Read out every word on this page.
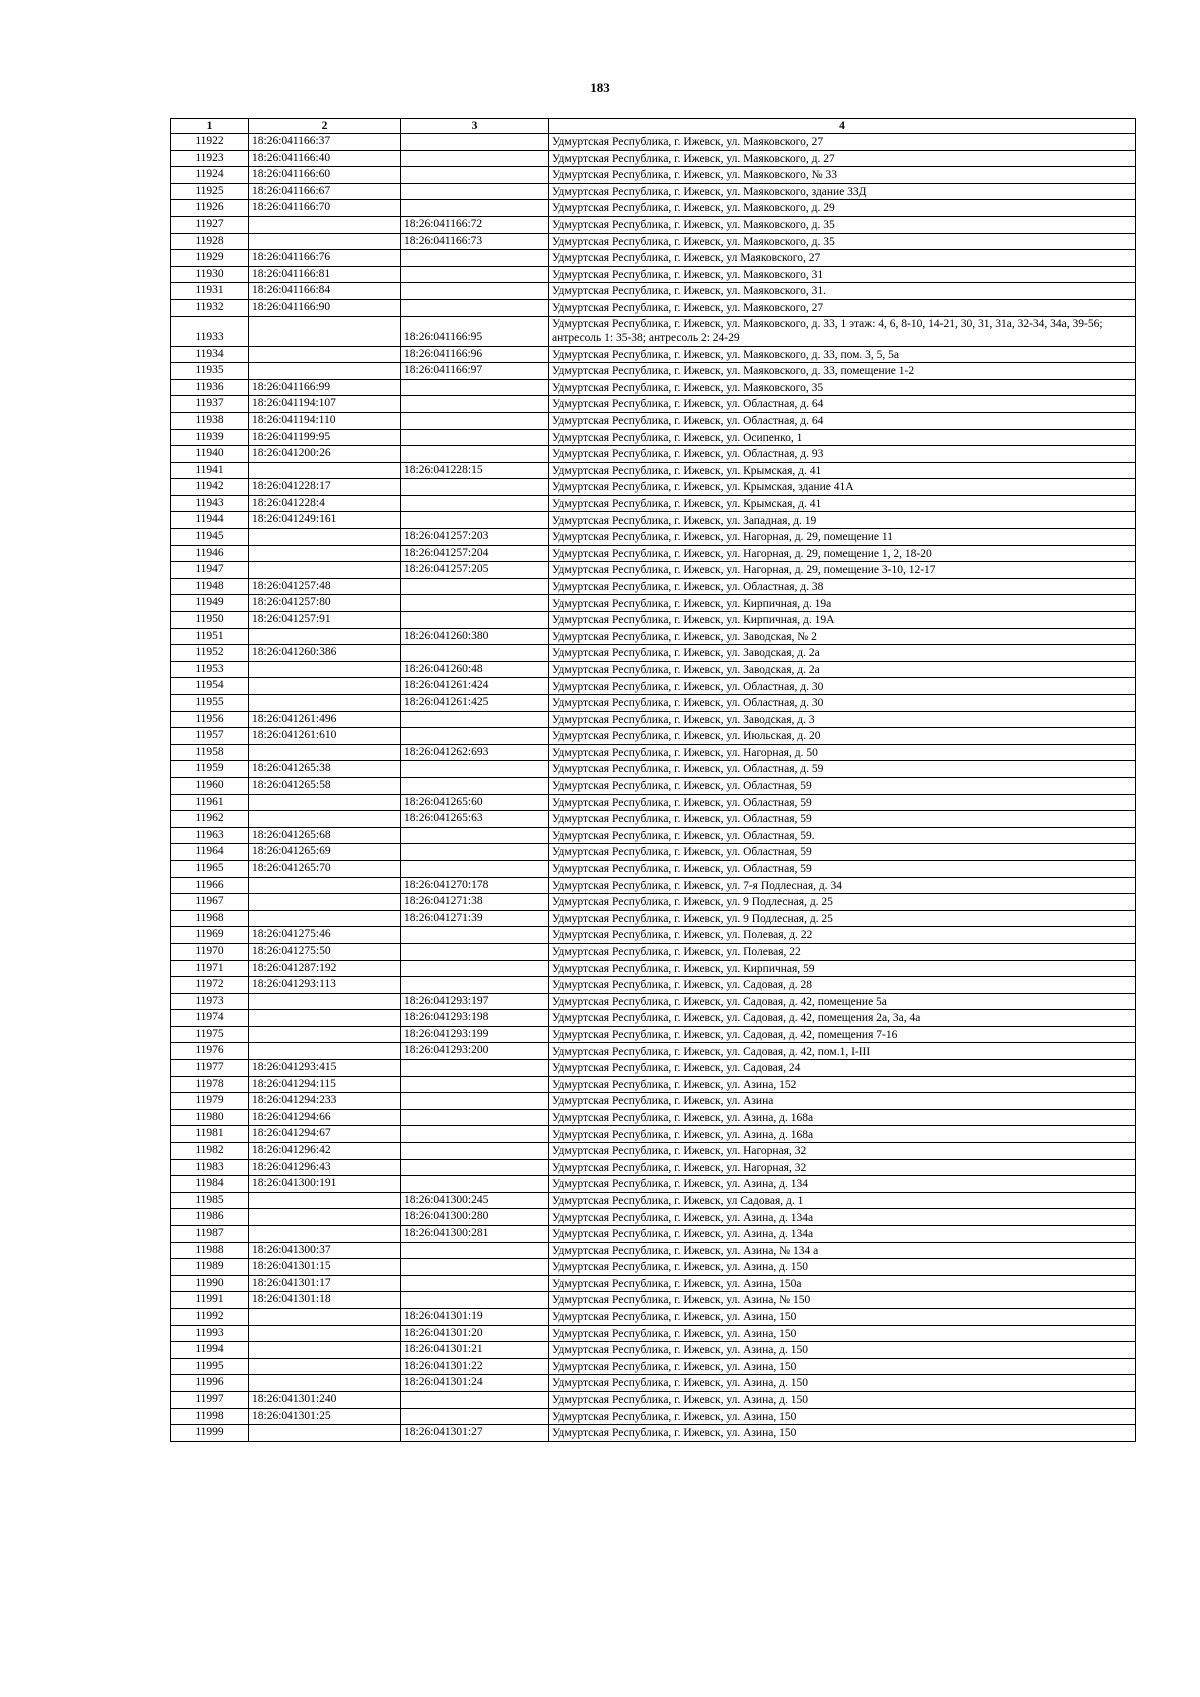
183
1	2	3	4
11922	18:26:041166:37		Удмуртская Республика, г. Ижевск, ул. Маяковского, 27
11923	18:26:041166:40		Удмуртская Республика, г. Ижевск, ул. Маяковского, д. 27
11924	18:26:041166:60		Удмуртская Республика, г. Ижевск, ул. Маяковского, № 33
11925	18:26:041166:67		Удмуртская Республика, г. Ижевск, ул. Маяковского, здание 33Д
11926	18:26:041166:70		Удмуртская Республика, г. Ижевск, ул. Маяковского, д. 29
11927		18:26:041166:72	Удмуртская Республика, г. Ижевск, ул. Маяковского, д. 35
11928		18:26:041166:73	Удмуртская Республика, г. Ижевск, ул. Маяковского, д. 35
11929	18:26:041166:76		Удмуртская Республика, г. Ижевск, ул Маяковского, 27
11930	18:26:041166:81		Удмуртская Республика, г. Ижевск, ул. Маяковского, 31
11931	18:26:041166:84		Удмуртская Республика, г. Ижевск, ул. Маяковского, 31.
11932	18:26:041166:90		Удмуртская Республика, г. Ижевск, ул. Маяковского, 27
11933		18:26:041166:95	Удмуртская Республика, г. Ижевск, ул. Маяковского, д. 33, 1 этаж: 4, 6, 8-10, 14-21, 30, 31, 31а, 32-34, 34а, 39-56; антресоль 1: 35-38; антресоль 2: 24-29
11934		18:26:041166:96	Удмуртская Республика, г. Ижевск, ул. Маяковского, д. 33, пом. 3, 5, 5а
11935		18:26:041166:97	Удмуртская Республика, г. Ижевск, ул. Маяковского, д. 33, помещение 1-2
11936	18:26:041166:99		Удмуртская Республика, г. Ижевск, ул. Маяковского, 35
11937	18:26:041194:107		Удмуртская Республика, г. Ижевск, ул. Областная, д. 64
11938	18:26:041194:110		Удмуртская Республика, г. Ижевск, ул. Областная, д. 64
11939	18:26:041199:95		Удмуртская Республика, г. Ижевск, ул. Осипенко, 1
11940	18:26:041200:26		Удмуртская Республика, г. Ижевск, ул. Областная, д. 93
11941		18:26:041228:15	Удмуртская Республика, г. Ижевск, ул. Крымская, д. 41
11942	18:26:041228:17		Удмуртская Республика, г. Ижевск, ул. Крымская, здание 41А
11943	18:26:041228:4		Удмуртская Республика, г. Ижевск, ул. Крымская, д. 41
11944	18:26:041249:161		Удмуртская Республика, г. Ижевск, ул. Западная, д. 19
11945		18:26:041257:203	Удмуртская Республика, г. Ижевск, ул. Нагорная, д. 29, помещение 11
11946		18:26:041257:204	Удмуртская Республика, г. Ижевск, ул. Нагорная, д. 29, помещение 1, 2, 18-20
11947		18:26:041257:205	Удмуртская Республика, г. Ижевск, ул. Нагорная, д. 29, помещение 3-10, 12-17
11948	18:26:041257:48		Удмуртская Республика, г. Ижевск, ул. Областная, д. 38
11949	18:26:041257:80		Удмуртская Республика, г. Ижевск, ул. Кирпичная, д. 19а
11950	18:26:041257:91		Удмуртская Республика, г. Ижевск, ул. Кирпичная, д. 19А
11951		18:26:041260:380	Удмуртская Республика, г. Ижевск, ул. Заводская, № 2
11952	18:26:041260:386		Удмуртская Республика, г. Ижевск, ул. Заводская, д. 2а
11953		18:26:041260:48	Удмуртская Республика, г. Ижевск, ул. Заводская, д. 2а
11954		18:26:041261:424	Удмуртская Республика, г. Ижевск, ул. Областная, д. 30
11955		18:26:041261:425	Удмуртская Республика, г. Ижевск, ул. Областная, д. 30
11956	18:26:041261:496		Удмуртская Республика, г. Ижевск, ул. Заводская, д. 3
11957	18:26:041261:610		Удмуртская Республика, г. Ижевск, ул. Июльская, д. 20
11958		18:26:041262:693	Удмуртская Республика, г. Ижевск, ул. Нагорная, д. 50
11959	18:26:041265:38		Удмуртская Республика, г. Ижевск, ул. Областная, д. 59
11960	18:26:041265:58		Удмуртская Республика, г. Ижевск, ул. Областная, 59
11961		18:26:041265:60	Удмуртская Республика, г. Ижевск, ул. Областная, 59
11962		18:26:041265:63	Удмуртская Республика, г. Ижевск, ул. Областная, 59
11963	18:26:041265:68		Удмуртская Республика, г. Ижевск, ул. Областная, 59.
11964	18:26:041265:69		Удмуртская Республика, г. Ижевск, ул. Областная, 59
11965	18:26:041265:70		Удмуртская Республика, г. Ижевск, ул. Областная, 59
11966		18:26:041270:178	Удмуртская Республика, г. Ижевск, ул. 7-я Подлесная, д. 34
11967		18:26:041271:38	Удмуртская Республика, г. Ижевск, ул. 9 Подлесная, д. 25
11968		18:26:041271:39	Удмуртская Республика, г. Ижевск, ул. 9 Подлесная, д. 25
11969	18:26:041275:46		Удмуртская Республика, г. Ижевск, ул. Полевая, д. 22
11970	18:26:041275:50		Удмуртская Республика, г. Ижевск, ул. Полевая, 22
11971	18:26:041287:192		Удмуртская Республика, г. Ижевск, ул. Кирпичная, 59
11972	18:26:041293:113		Удмуртская Республика, г. Ижевск, ул. Садовая, д. 28
11973		18:26:041293:197	Удмуртская Республика, г. Ижевск, ул. Садовая, д. 42, помещение 5а
11974		18:26:041293:198	Удмуртская Республика, г. Ижевск, ул. Садовая, д. 42, помещения 2а, 3а, 4а
11975		18:26:041293:199	Удмуртская Республика, г. Ижевск, ул. Садовая, д. 42, помещения 7-16
11976		18:26:041293:200	Удмуртская Республика, г. Ижевск, ул. Садовая, д. 42, пом.1, I-III
11977	18:26:041293:415		Удмуртская Республика, г. Ижевск, ул. Садовая, 24
11978	18:26:041294:115		Удмуртская Республика, г. Ижевск, ул. Азина, 152
11979	18:26:041294:233		Удмуртская Республика, г. Ижевск, ул. Азина
11980	18:26:041294:66		Удмуртская Республика, г. Ижевск, ул. Азина, д. 168а
11981	18:26:041294:67		Удмуртская Республика, г. Ижевск, ул. Азина, д. 168а
11982	18:26:041296:42		Удмуртская Республика, г. Ижевск, ул. Нагорная, 32
11983	18:26:041296:43		Удмуртская Республика, г. Ижевск, ул. Нагорная, 32
11984	18:26:041300:191		Удмуртская Республика, г. Ижевск, ул. Азина, д. 134
11985		18:26:041300:245	Удмуртская Республика, г. Ижевск, ул Садовая, д. 1
11986		18:26:041300:280	Удмуртская Республика, г. Ижевск, ул. Азина, д. 134а
11987		18:26:041300:281	Удмуртская Республика, г. Ижевск, ул. Азина, д. 134а
11988	18:26:041300:37		Удмуртская Республика, г. Ижевск, ул. Азина, № 134 а
11989	18:26:041301:15		Удмуртская Республика, г. Ижевск, ул. Азина, д. 150
11990	18:26:041301:17		Удмуртская Республика, г. Ижевск, ул. Азина, 150а
11991	18:26:041301:18		Удмуртская Республика, г. Ижевск, ул. Азина, № 150
11992		18:26:041301:19	Удмуртская Республика, г. Ижевск, ул. Азина, 150
11993		18:26:041301:20	Удмуртская Республика, г. Ижевск, ул. Азина, 150
11994		18:26:041301:21	Удмуртская Республика, г. Ижевск, ул. Азина, д. 150
11995		18:26:041301:22	Удмуртская Республика, г. Ижевск, ул. Азина, 150
11996		18:26:041301:24	Удмуртская Республика, г. Ижевск, ул. Азина, д. 150
11997	18:26:041301:240		Удмуртская Республика, г. Ижевск, ул. Азина, д. 150
11998	18:26:041301:25		Удмуртская Республика, г. Ижевск, ул. Азина, 150
11999		18:26:041301:27	Удмуртская Республика, г. Ижевск, ул. Азина, 150
